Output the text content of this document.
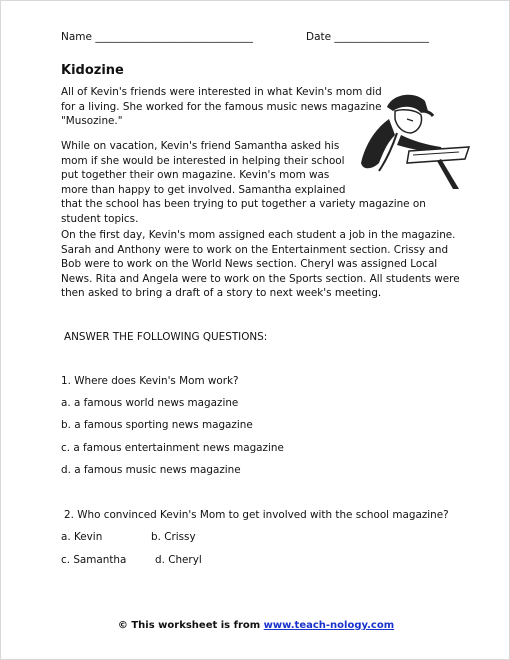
Name ______________________________	Date __________________
Kidozine
All of Kevin's friends were interested in what Kevin's mom did
for a living. She worked for the famous music news magazine
"Musozine."
While on vacation, Kevin's friend Samantha asked his
mom if she would be interested in helping their school
put together their own magazine. Kevin's mom was
more than happy to get involved. Samantha explained
that the school has been trying to put together a variety magazine on
student topics.
On the first day, Kevin's mom assigned each student a job in the magazine.
Sarah and Anthony were to work on the Entertainment section. Crissy and
Bob were to work on the World News section. Cheryl was assigned Local
News. Rita and Angela were to work on the Sports section. All students were
then asked to bring a draft of a story to next week's meeting.
ANSWER THE FOLLOWING QUESTIONS:
1. Where does Kevin's Mom work?
a. a famous world news magazine
b. a famous sporting news magazine
c. a famous entertainment news magazine
d. a famous music news magazine
2. Who convinced Kevin's Mom to get involved with the school magazine?
a. Kevin	b. Crissy
c. Samantha	d. Cheryl
© This worksheet is from www.teach-nology.com
